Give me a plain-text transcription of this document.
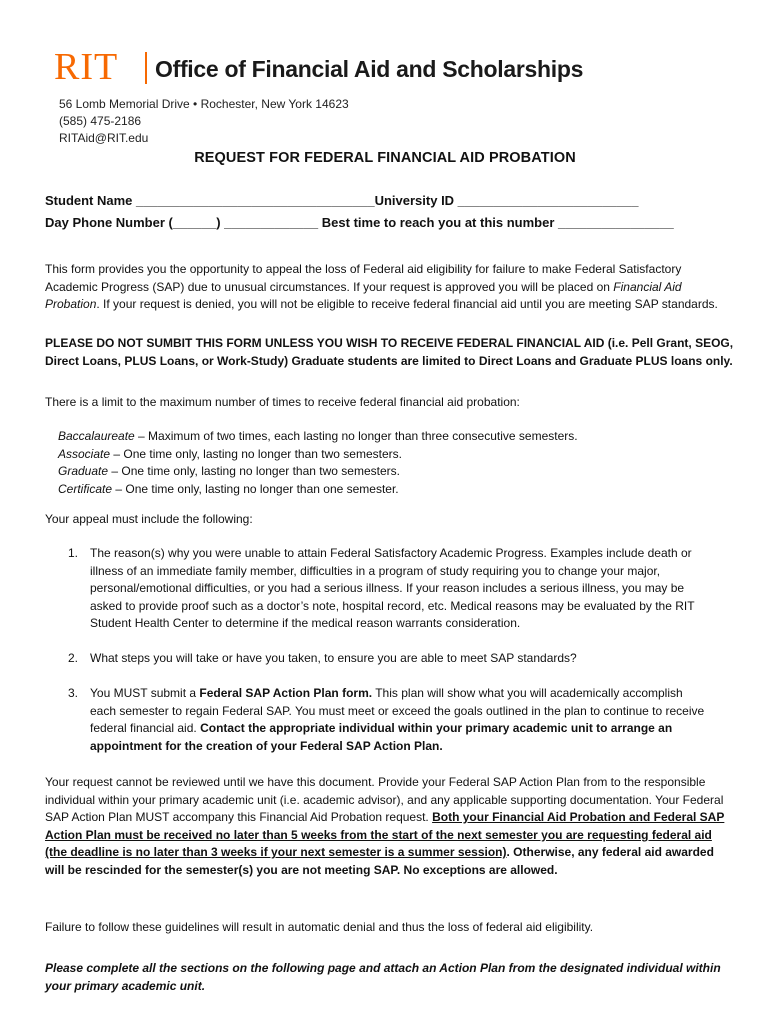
RIT Office of Financial Aid and Scholarships
56 Lomb Memorial Drive • Rochester, New York 14623
(585) 475-2186
RITAid@RIT.edu
REQUEST FOR FEDERAL FINANCIAL AID PROBATION
Student Name _________________________________University ID _________________________
Day Phone Number (______) _____________ Best time to reach you at this number ________________
This form provides you the opportunity to appeal the loss of Federal aid eligibility for failure to make Federal Satisfactory Academic Progress (SAP) due to unusual circumstances. If your request is approved you will be placed on Financial Aid Probation. If your request is denied, you will not be eligible to receive federal financial aid until you are meeting SAP standards.
PLEASE DO NOT SUMBIT THIS FORM UNLESS YOU WISH TO RECEIVE FEDERAL FINANCIAL AID (i.e. Pell Grant, SEOG, Direct Loans, PLUS Loans, or Work-Study) Graduate students are limited to Direct Loans and Graduate PLUS loans only.
There is a limit to the maximum number of times to receive federal financial aid probation:
Baccalaureate – Maximum of two times, each lasting no longer than three consecutive semesters.
Associate – One time only, lasting no longer than two semesters.
Graduate – One time only, lasting no longer than two semesters.
Certificate – One time only, lasting no longer than one semester.
Your appeal must include the following:
1. The reason(s) why you were unable to attain Federal Satisfactory Academic Progress. Examples include death or illness of an immediate family member, difficulties in a program of study requiring you to change your major, personal/emotional difficulties, or you had a serious illness. If your reason includes a serious illness, you may be asked to provide proof such as a doctor’s note, hospital record, etc. Medical reasons may be evaluated by the RIT Student Health Center to determine if the medical reason warrants consideration.
2. What steps you will take or have you taken, to ensure you are able to meet SAP standards?
3. You MUST submit a Federal SAP Action Plan form. This plan will show what you will academically accomplish each semester to regain Federal SAP. You must meet or exceed the goals outlined in the plan to continue to receive federal financial aid. Contact the appropriate individual within your primary academic unit to arrange an appointment for the creation of your Federal SAP Action Plan.
Your request cannot be reviewed until we have this document. Provide your Federal SAP Action Plan from to the responsible individual within your primary academic unit (i.e. academic advisor), and any applicable supporting documentation. Your Federal SAP Action Plan MUST accompany this Financial Aid Probation request. Both your Financial Aid Probation and Federal SAP Action Plan must be received no later than 5 weeks from the start of the next semester you are requesting federal aid (the deadline is no later than 3 weeks if your next semester is a summer session). Otherwise, any federal aid awarded will be rescinded for the semester(s) you are not meeting SAP. No exceptions are allowed.
Failure to follow these guidelines will result in automatic denial and thus the loss of federal aid eligibility.
Please complete all the sections on the following page and attach an Action Plan from the designated individual within your primary academic unit.
